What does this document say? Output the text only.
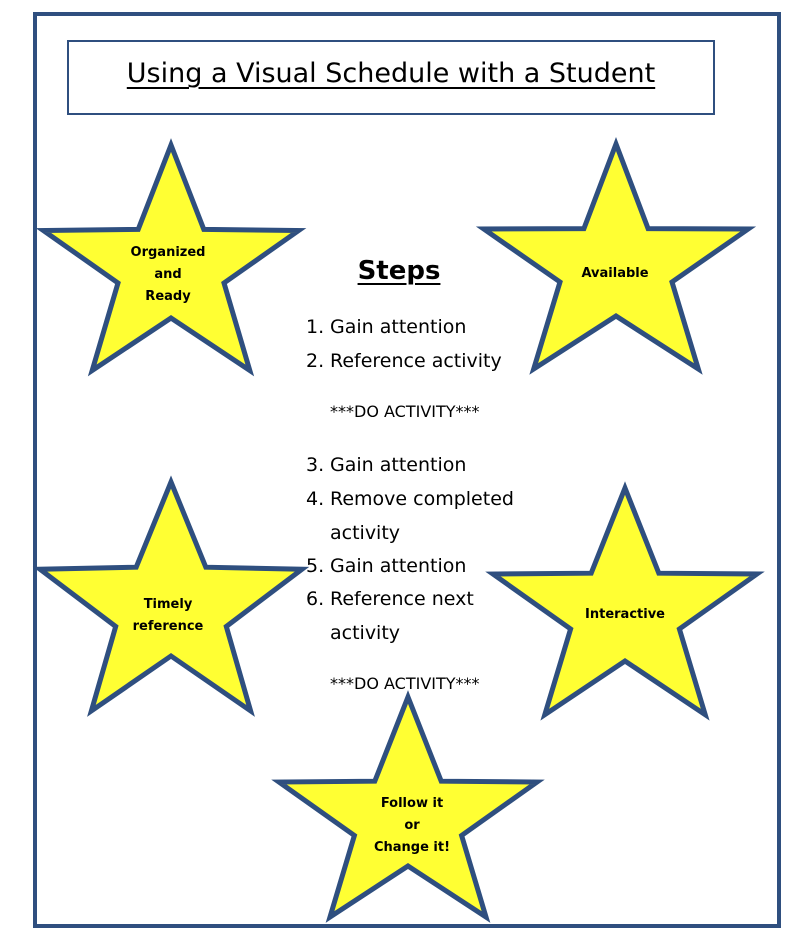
Using a Visual Schedule with a Student
Organized
and
Ready
Available
Timely
reference
Interactive
Follow it
or
Change it!
Steps
1. Gain attention
2. Reference activity
***DO ACTIVITY***
3. Gain attention
4. Remove completed
activity
5. Gain attention
6. Reference next
activity
***DO ACTIVITY***
